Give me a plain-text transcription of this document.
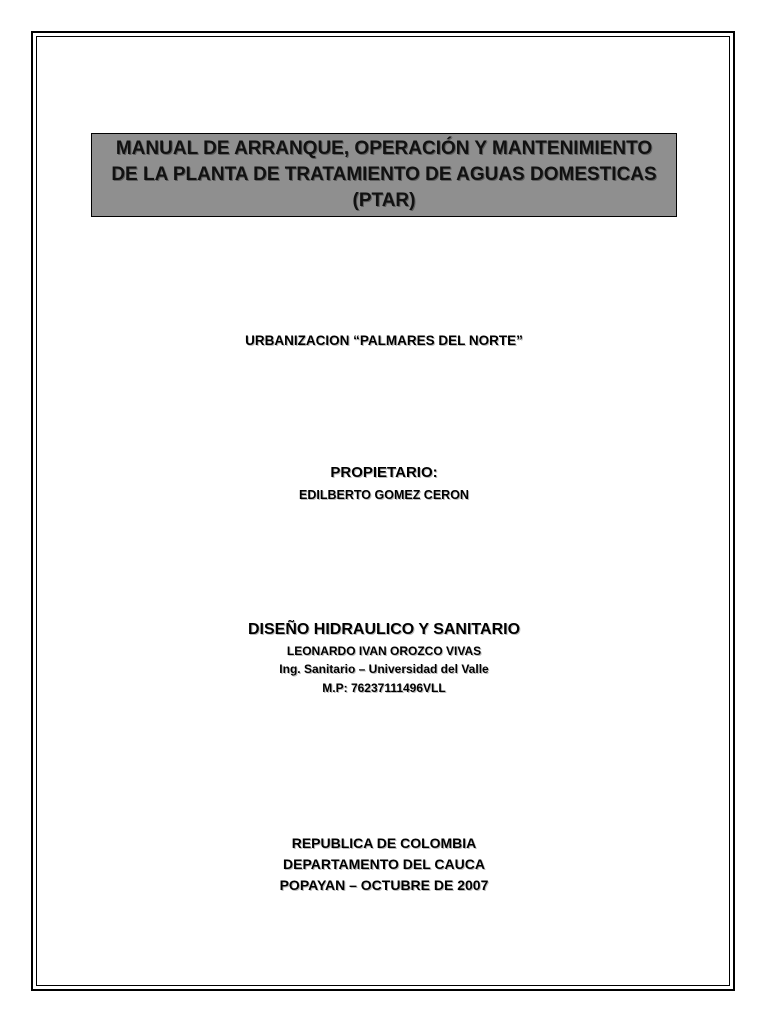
MANUAL DE ARRANQUE, OPERACIÓN Y MANTENIMIENTO
DE LA PLANTA DE TRATAMIENTO DE AGUAS DOMESTICAS
(PTAR)

URBANIZACION “PALMARES DEL NORTE”

PROPIETARIO:

EDILBERTO GOMEZ CERON

DISEÑO HIDRAULICO Y SANITARIO

LEONARDO IVAN OROZCO VIVAS

Ing. Sanitario – Universidad del Valle

M.P: 76237111496VLL

REPUBLICA DE COLOMBIA

DEPARTAMENTO DEL CAUCA

POPAYAN – OCTUBRE DE 2007
